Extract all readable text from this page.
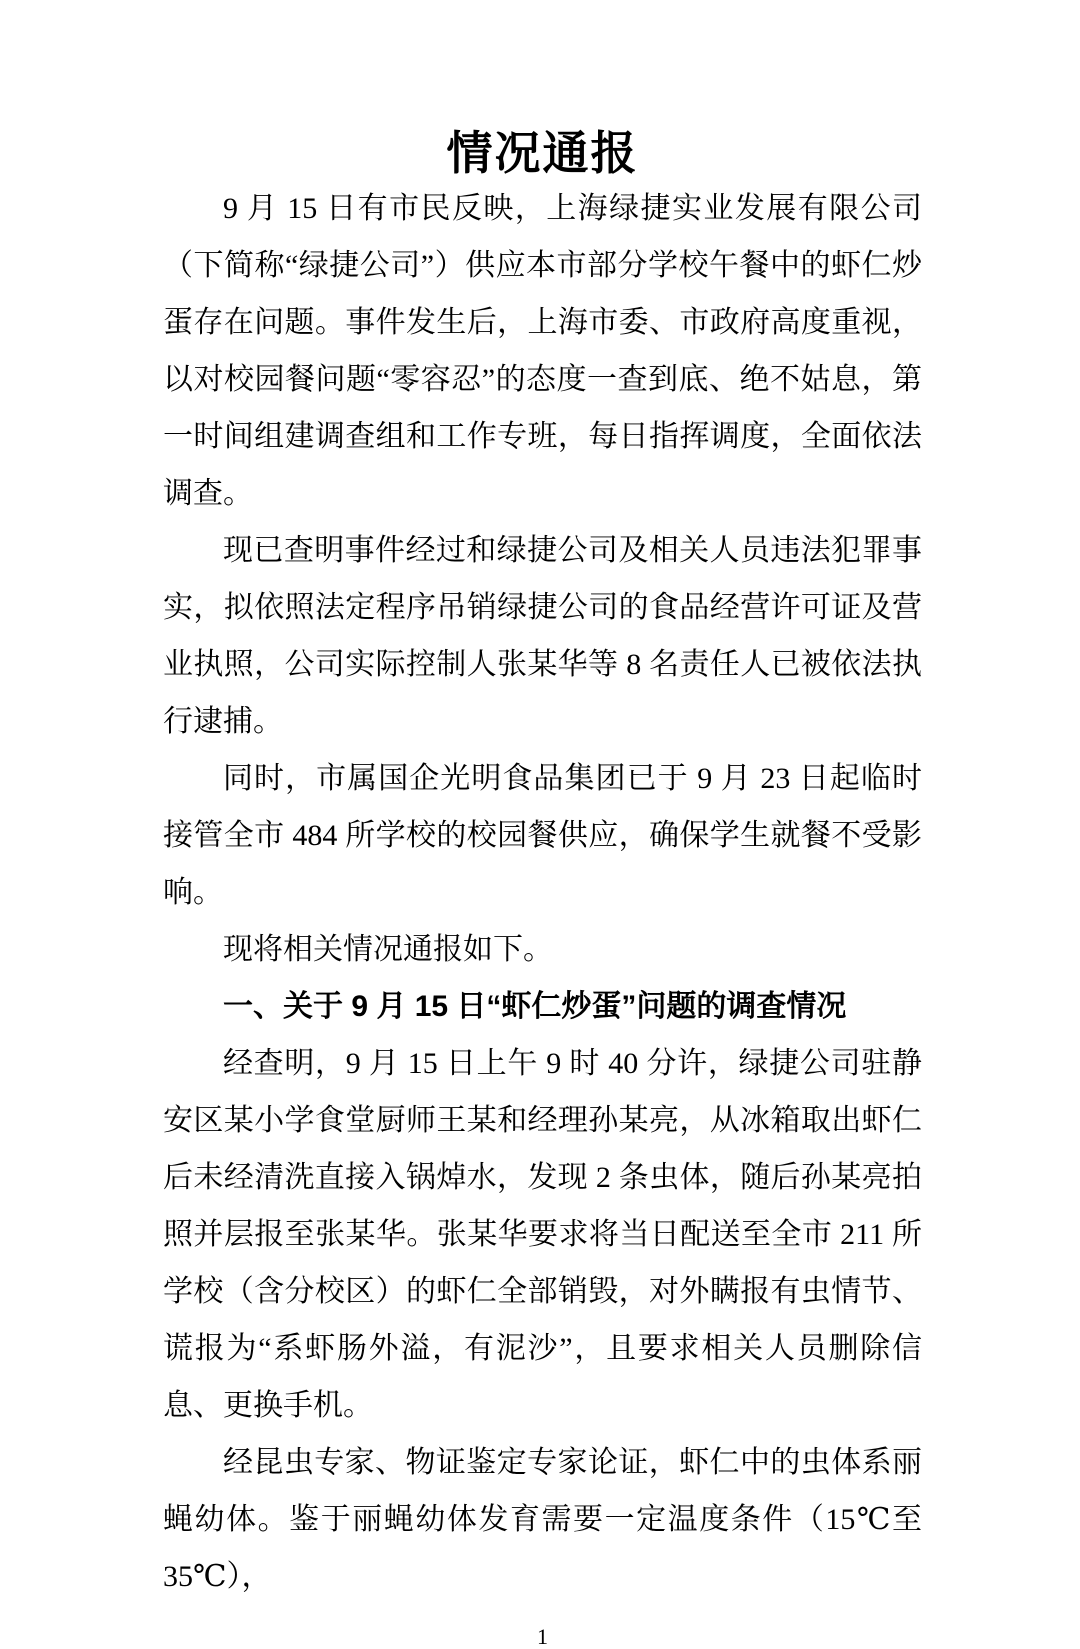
情况通报

9 月 15 日有市民反映，上海绿捷实业发展有限公司（下简称“绿捷公司”）供应本市部分学校午餐中的虾仁炒蛋存在问题。事件发生后，上海市委、市政府高度重视，以对校园餐问题“零容忍”的态度一查到底、绝不姑息，第一时间组建调查组和工作专班，每日指挥调度，全面依法调查。

现已查明事件经过和绿捷公司及相关人员违法犯罪事实，拟依照法定程序吊销绿捷公司的食品经营许可证及营业执照，公司实际控制人张某华等 8 名责任人已被依法执行逮捕。

同时，市属国企光明食品集团已于 9 月 23 日起临时接管全市 484 所学校的校园餐供应，确保学生就餐不受影响。

现将相关情况通报如下。

一、关于 9 月 15 日“虾仁炒蛋”问题的调查情况

经查明，9 月 15 日上午 9 时 40 分许，绿捷公司驻静安区某小学食堂厨师王某和经理孙某亮，从冰箱取出虾仁后未经清洗直接入锅焯水，发现 2 条虫体，随后孙某亮拍照并层报至张某华。张某华要求将当日配送至全市 211 所学校（含分校区）的虾仁全部销毁，对外瞒报有虫情节、谎报为“系虾肠外溢，有泥沙”，且要求相关人员删除信息、更换手机。

经昆虫专家、物证鉴定专家论证，虾仁中的虫体系丽蝇幼体。鉴于丽蝇幼体发育需要一定温度条件（15℃至 35℃），

1
